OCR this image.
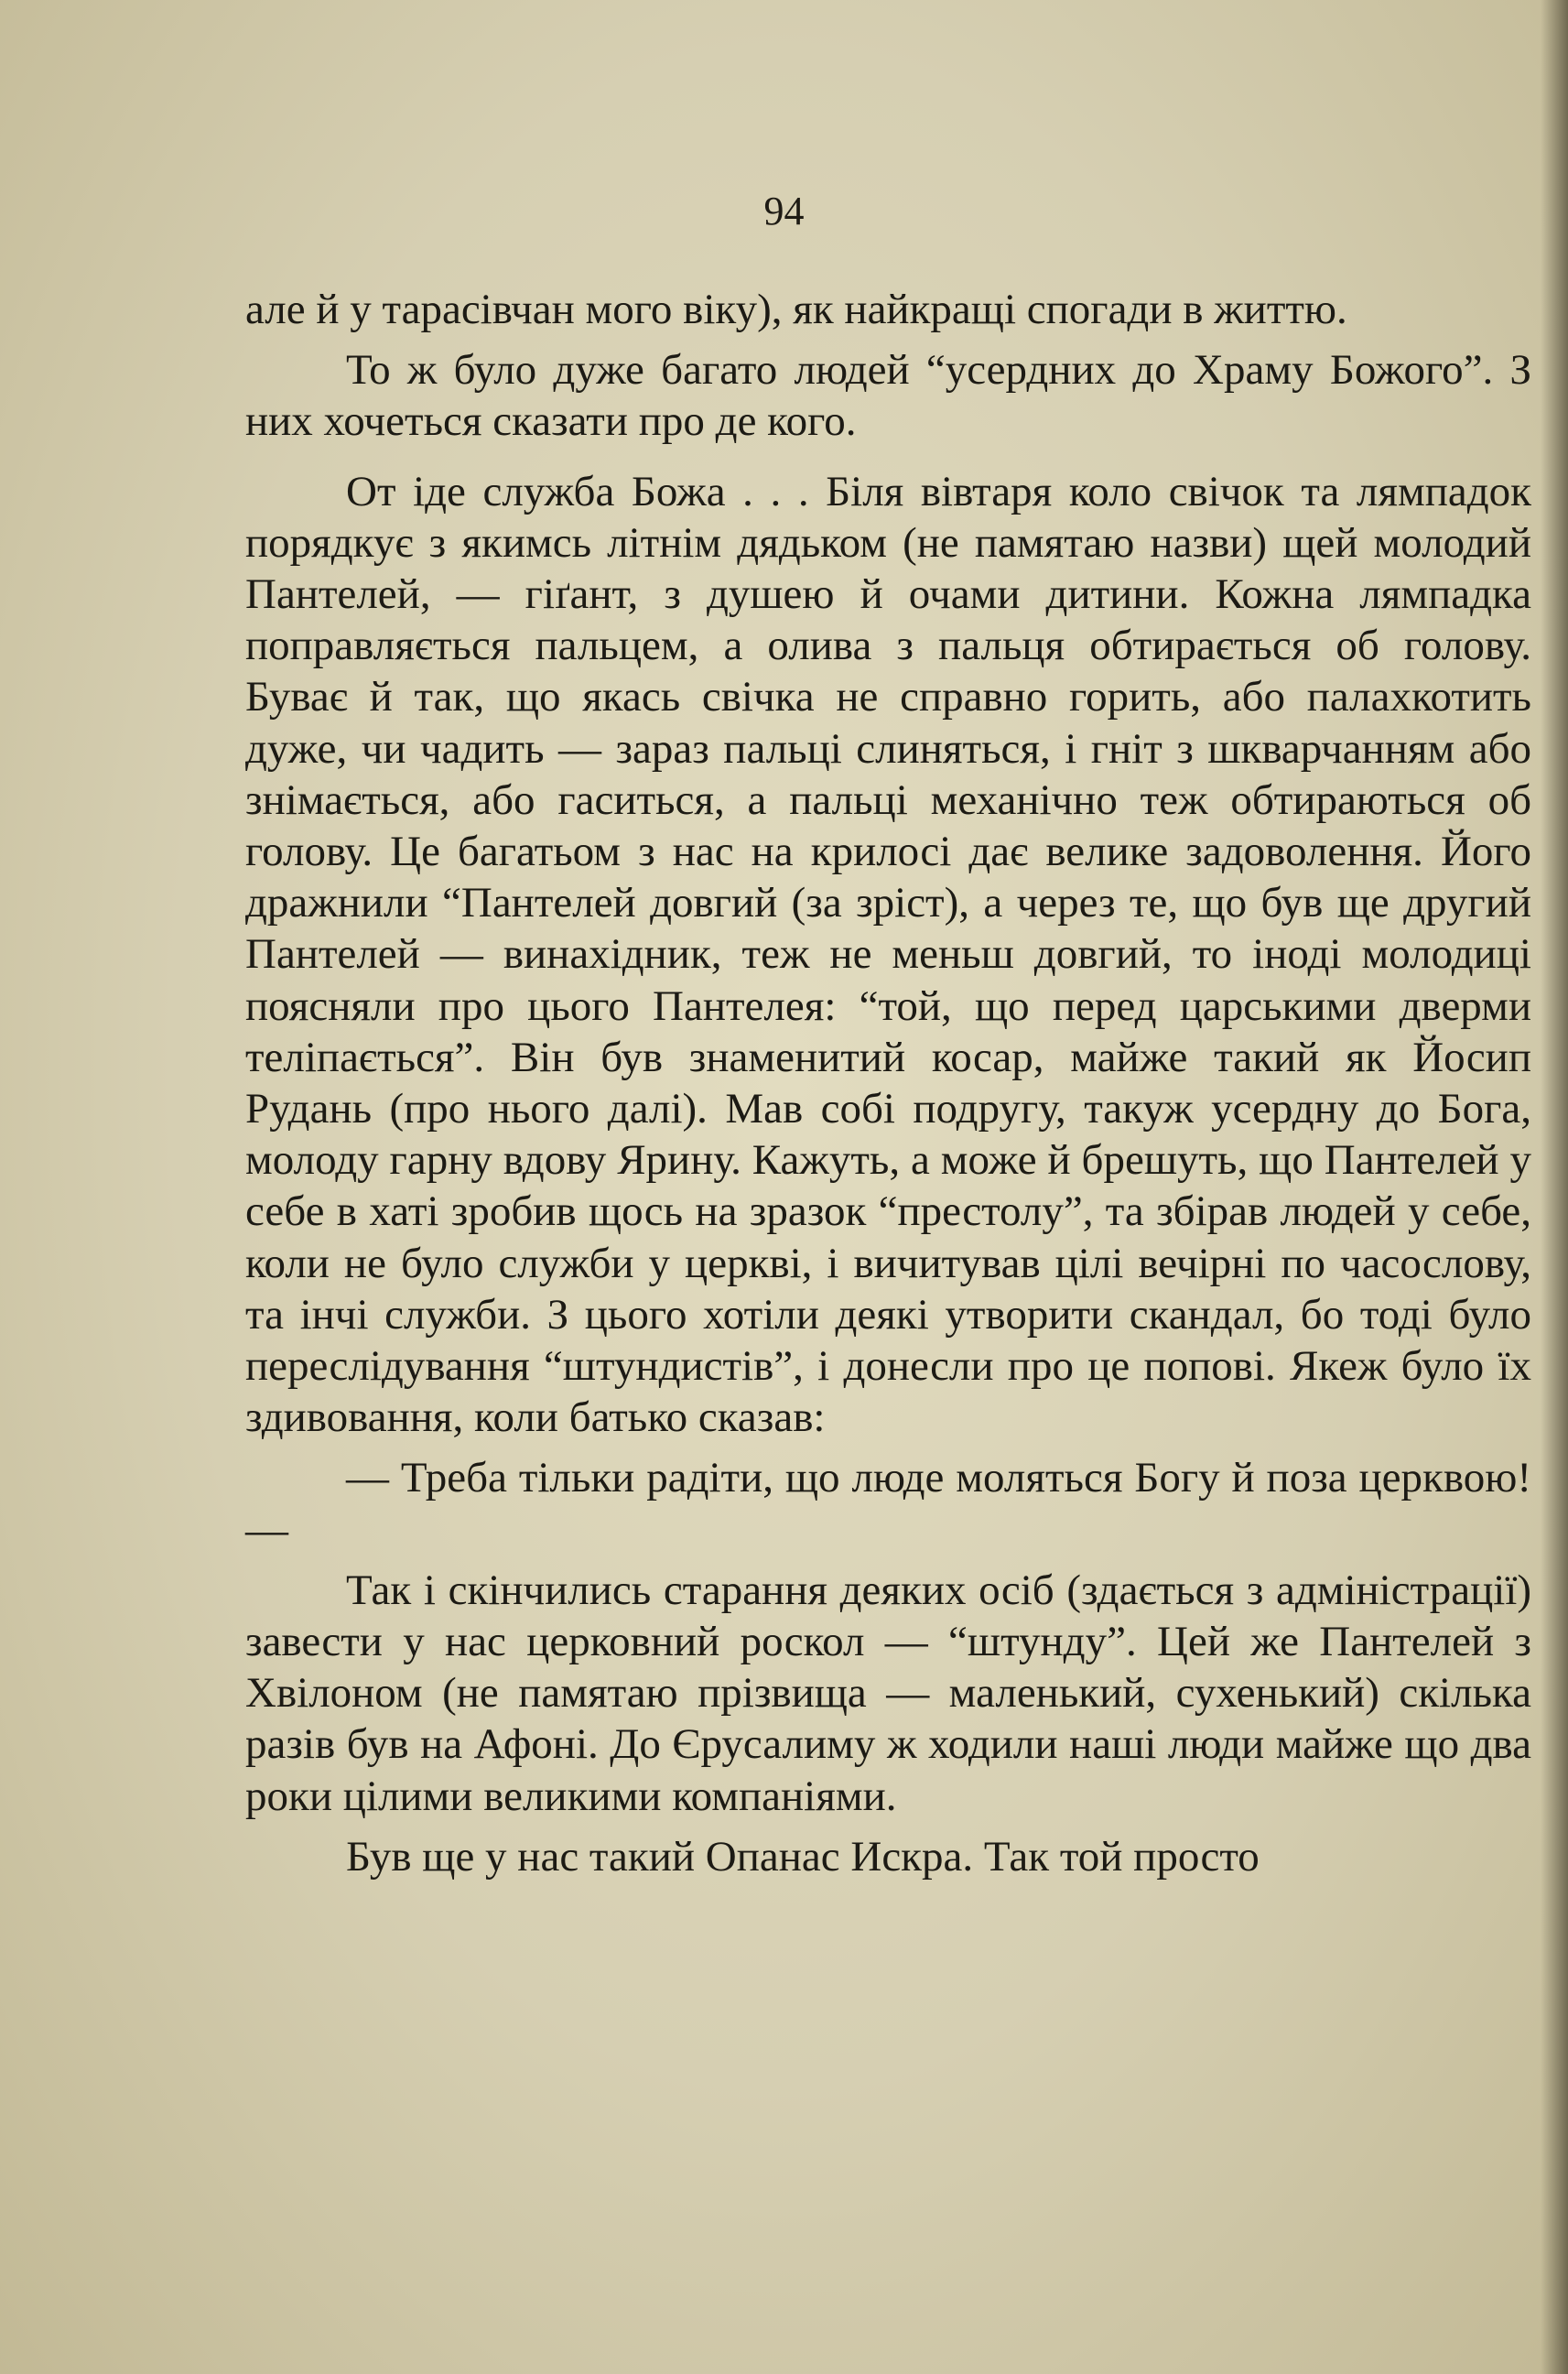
94

але й у тарасівчан мого віку), як найкращі спогади в життю.

То ж було дуже багато людей “усердних до Храму Божого”. З них хочеться сказати про де кого.

От іде служба Божа . . . Біля вівтаря коло свічок та лямпадок порядкує з якимсь літнім дядьком (не памятаю назви) щей молодий Пантелей, — гіґант, з душею й очами дитини. Кожна лямпадка поправляється пальцем, а олива з пальця обтирається об голову. Буває й так, що якась свічка не справно горить, або палахкотить дуже, чи чадить — зараз пальці слиняться, і гніт з шкварчанням або знімається, або гаситься, а пальці механічно теж обтираються об голову. Це багатьом з нас на крилосі дає велике задоволення. Його дражнили “Пантелей довгий (за зріст), а через те, що був ще другий Пантелей — винахідник, теж не меньш довгий, то іноді молодиці поясняли про цього Пантелея: “той, що перед царськими дверми теліпається”. Він був знаменитий косар, майже такий як Йосип Рудань (про нього далі). Мав собі подругу, такуж усердну до Бога, молоду гарну вдову Ярину. Кажуть, а може й брешуть, що Пантелей у себе в хаті зробив щось на зразок “престолу”, та збірав людей у себе, коли не було служби у церкві, і вичитував цілі вечірні по часослову, та інчі служби. З цього хотіли деякі утворити скандал, бо тоді було переслідування “штундистів”, і донесли про це попові. Якеж було їх здивовання, коли батько сказав:

— Треба тільки радіти, що люде моляться Богу й поза церквою! —

Так і скінчились старання деяких осіб (здається з адміністрації) завести у нас церковний роскол — “штунду”. Цей же Пантелей з Хвілоном (не памятаю прізвища — маленький, сухенький) скілька разів був на Афоні. До Єрусалиму ж ходили наші люди майже що два роки цілими великими компаніями.

Був ще у нас такий Опанас Искра. Так той просто
